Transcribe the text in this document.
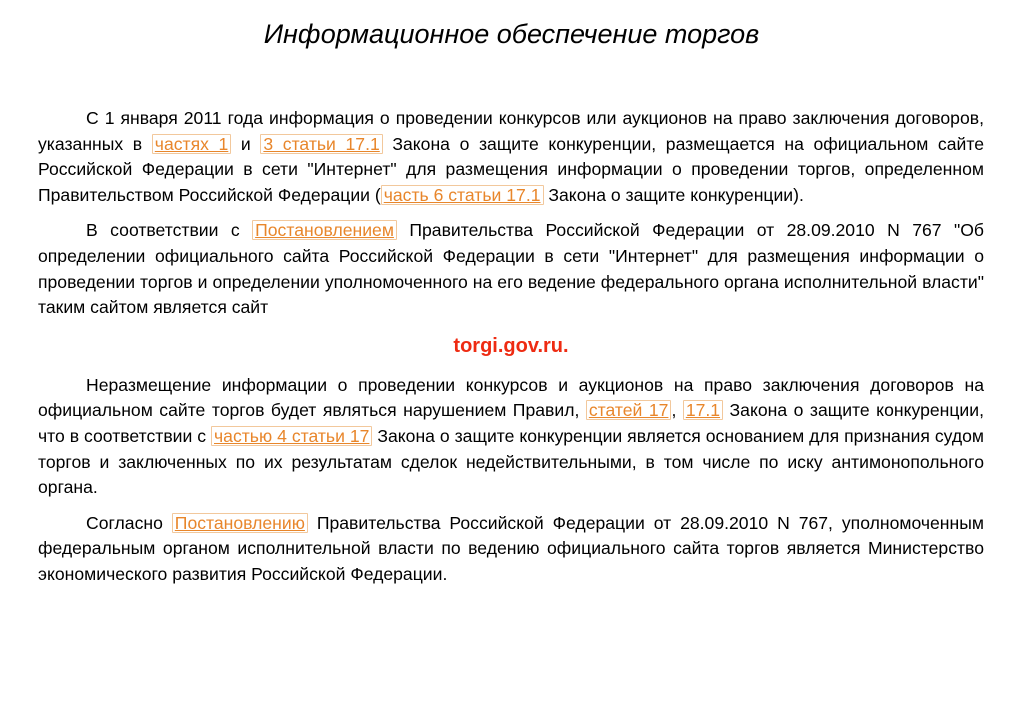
Информационное обеспечение торгов

С 1 января 2011 года информация о проведении конкурсов или аукционов на право заключения договоров, указанных в частях 1 и 3 статьи 17.1 Закона о защите конкуренции, размещается на официальном сайте Российской Федерации в сети "Интернет" для размещения информации о проведении торгов, определенном Правительством Российской Федерации ( часть 6 статьи 17.1 Закона о защите конкуренции).

В соответствии с Постановлением Правительства Российской Федерации от 28.09.2010 N 767 "Об определении официального сайта Российской Федерации в сети "Интернет" для размещения информации о проведении торгов и определении уполномоченного на его ведение федерального органа исполнительной власти" таким сайтом является сайт

torgi.gov.ru.

Неразмещение информации о проведении конкурсов и аукционов на право заключения договоров на официальном сайте торгов будет являться нарушением Правил, статей 17 , 17.1 Закона о защите конкуренции, что в соответствии с частью 4 статьи 17 Закона о защите конкуренции является основанием для признания судом торгов и заключенных по их результатам сделок недействительными, в том числе по иску антимонопольного органа.

Согласно Постановлению Правительства Российской Федерации от 28.09.2010 N 767, уполномоченным федеральным органом исполнительной власти по ведению официального сайта торгов является Министерство экономического развития Российской Федерации.
